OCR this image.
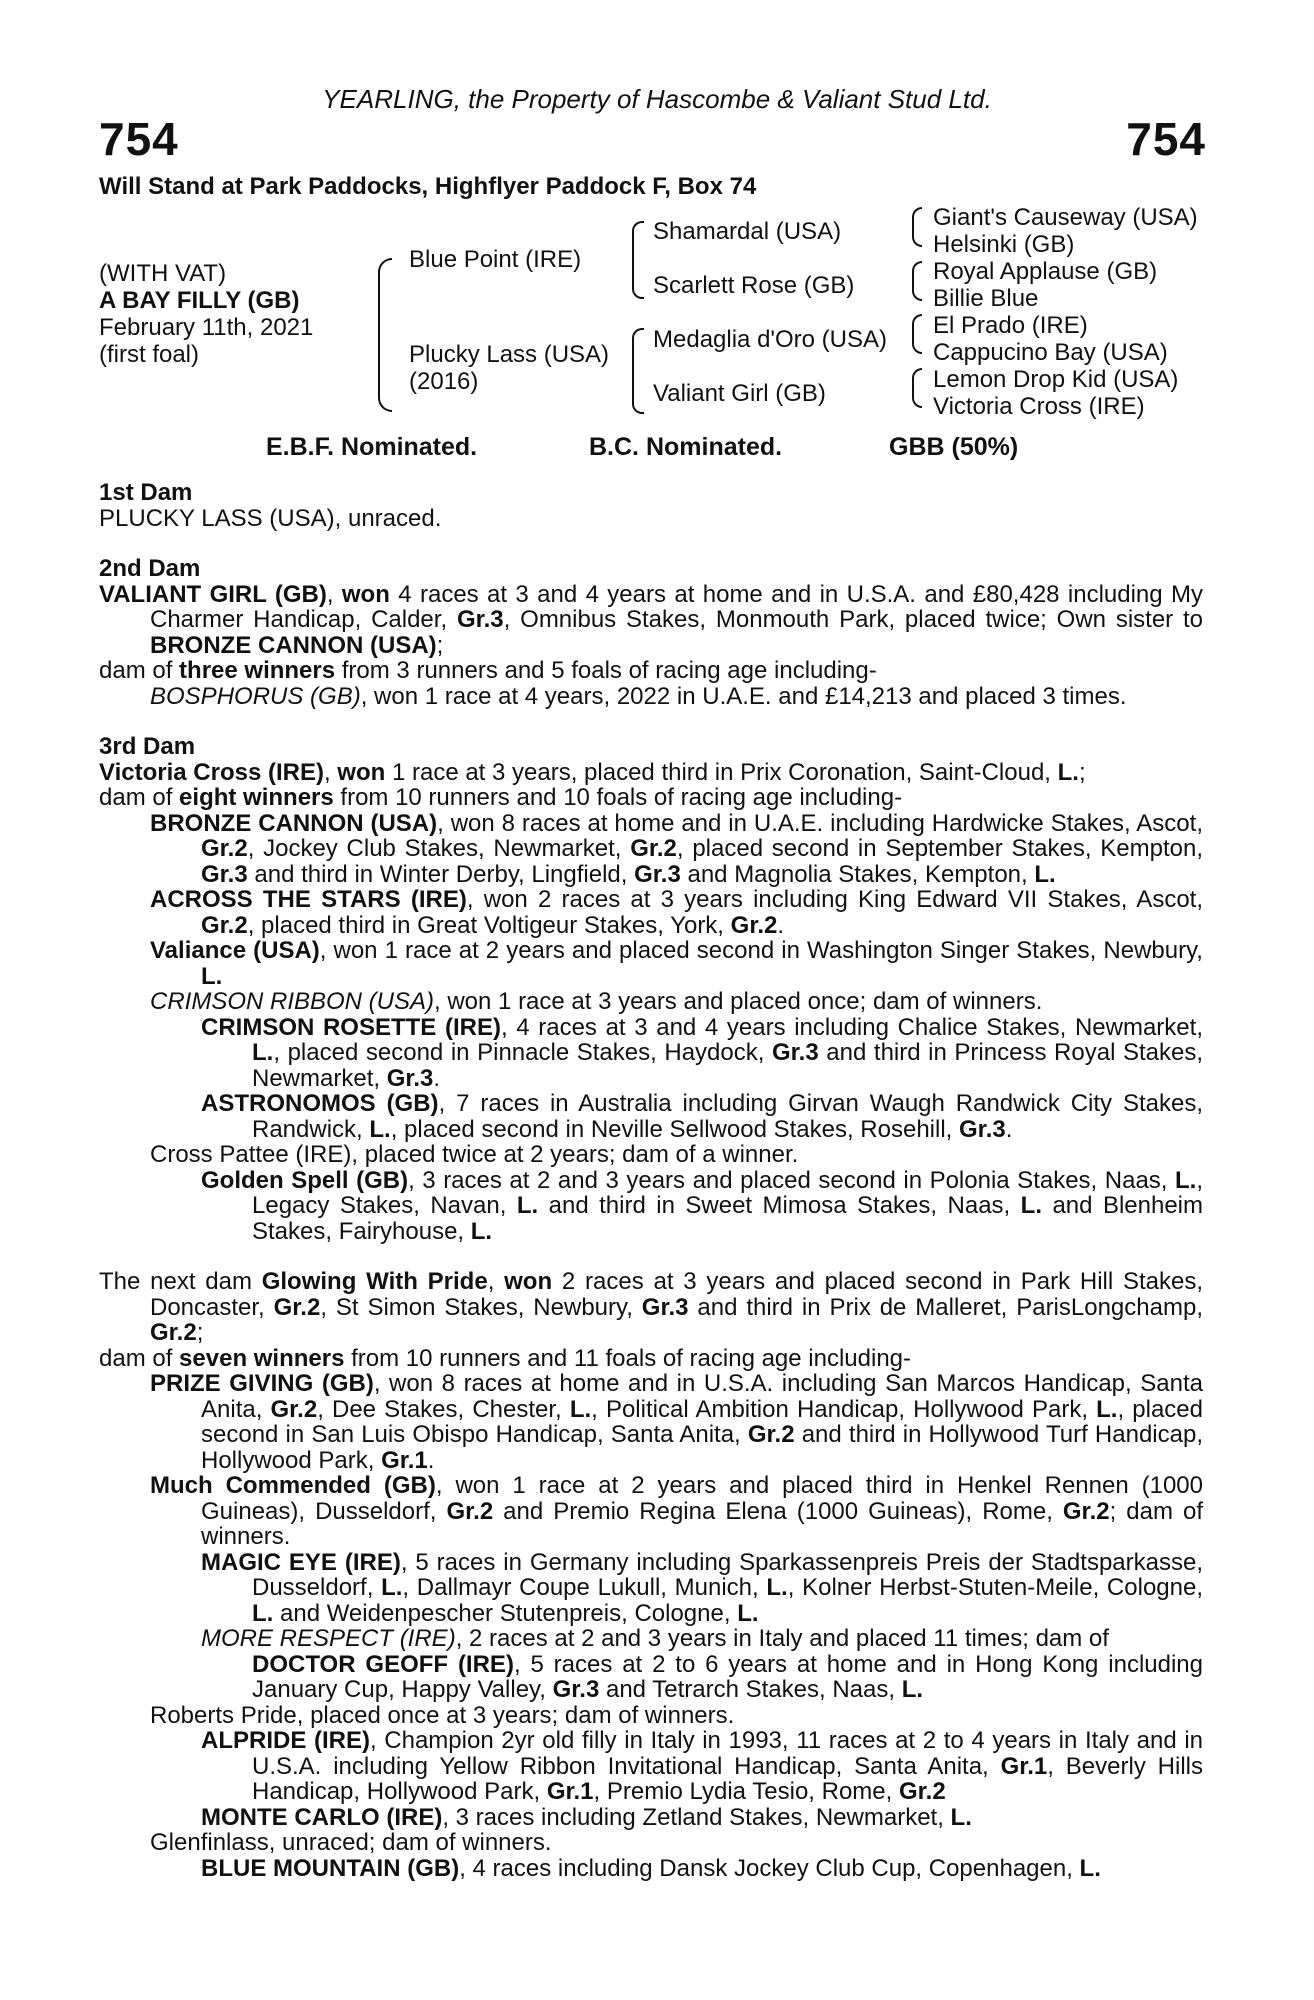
YEARLING, the Property of Hascombe & Valiant Stud Ltd.
754	754
Will Stand at Park Paddocks, Highflyer Paddock F, Box 74
(WITH VAT)
A BAY FILLY (GB)
February 11th, 2021
(first foal)
Blue Point (IRE)
Plucky Lass (USA)
(2016)
Shamardal (USA)
Scarlett Rose (GB)
Medaglia d'Oro (USA)
Valiant Girl (GB)
Giant's Causeway (USA)
Helsinki (GB)
Royal Applause (GB)
Billie Blue
El Prado (IRE)
Cappucino Bay (USA)
Lemon Drop Kid (USA)
Victoria Cross (IRE)
E.B.F. Nominated.	B.C. Nominated.	GBB (50%)

1st Dam

PLUCKY LASS (USA), unraced.

2nd Dam

VALIANT GIRL (GB), won 4 races at 3 and 4 years at home and in U.S.A. and £80,428 including My Charmer Handicap, Calder, Gr.3, Omnibus Stakes, Monmouth Park, placed twice; Own sister to BRONZE CANNON (USA);

dam of three winners from 3 runners and 5 foals of racing age including-

BOSPHORUS (GB), won 1 race at 4 years, 2022 in U.A.E. and £14,213 and placed 3 times.

3rd Dam

Victoria Cross (IRE), won 1 race at 3 years, placed third in Prix Coronation, Saint-Cloud, L.;

dam of eight winners from 10 runners and 10 foals of racing age including-

BRONZE CANNON (USA), won 8 races at home and in U.A.E. including Hardwicke Stakes, Ascot, Gr.2, Jockey Club Stakes, Newmarket, Gr.2, placed second in September Stakes, Kempton, Gr.3 and third in Winter Derby, Lingfield, Gr.3 and Magnolia Stakes, Kempton, L.

ACROSS THE STARS (IRE), won 2 races at 3 years including King Edward VII Stakes, Ascot, Gr.2, placed third in Great Voltigeur Stakes, York, Gr.2.

Valiance (USA), won 1 race at 2 years and placed second in Washington Singer Stakes, Newbury, L.

CRIMSON RIBBON (USA), won 1 race at 3 years and placed once; dam of winners.

CRIMSON ROSETTE (IRE), 4 races at 3 and 4 years including Chalice Stakes, Newmarket, L., placed second in Pinnacle Stakes, Haydock, Gr.3 and third in Princess Royal Stakes, Newmarket, Gr.3.

ASTRONOMOS (GB), 7 races in Australia including Girvan Waugh Randwick City Stakes, Randwick, L., placed second in Neville Sellwood Stakes, Rosehill, Gr.3.

Cross Pattee (IRE), placed twice at 2 years; dam of a winner.

Golden Spell (GB), 3 races at 2 and 3 years and placed second in Polonia Stakes, Naas, L., Legacy Stakes, Navan, L. and third in Sweet Mimosa Stakes, Naas, L. and Blenheim Stakes, Fairyhouse, L.

The next dam Glowing With Pride, won 2 races at 3 years and placed second in Park Hill Stakes, Doncaster, Gr.2, St Simon Stakes, Newbury, Gr.3 and third in Prix de Malleret, ParisLongchamp, Gr.2;

dam of seven winners from 10 runners and 11 foals of racing age including-

PRIZE GIVING (GB), won 8 races at home and in U.S.A. including San Marcos Handicap, Santa Anita, Gr.2, Dee Stakes, Chester, L., Political Ambition Handicap, Hollywood Park, L., placed second in San Luis Obispo Handicap, Santa Anita, Gr.2 and third in Hollywood Turf Handicap, Hollywood Park, Gr.1.

Much Commended (GB), won 1 race at 2 years and placed third in Henkel Rennen (1000 Guineas), Dusseldorf, Gr.2 and Premio Regina Elena (1000 Guineas), Rome, Gr.2; dam of winners.

MAGIC EYE (IRE), 5 races in Germany including Sparkassenpreis Preis der Stadtsparkasse, Dusseldorf, L., Dallmayr Coupe Lukull, Munich, L., Kolner Herbst-Stuten-Meile, Cologne, L. and Weidenpescher Stutenpreis, Cologne, L.

MORE RESPECT (IRE), 2 races at 2 and 3 years in Italy and placed 11 times; dam of
DOCTOR GEOFF (IRE), 5 races at 2 to 6 years at home and in Hong Kong including January Cup, Happy Valley, Gr.3 and Tetrarch Stakes, Naas, L.

Roberts Pride, placed once at 3 years; dam of winners.

ALPRIDE (IRE), Champion 2yr old filly in Italy in 1993, 11 races at 2 to 4 years in Italy and in U.S.A. including Yellow Ribbon Invitational Handicap, Santa Anita, Gr.1, Beverly Hills Handicap, Hollywood Park, Gr.1, Premio Lydia Tesio, Rome, Gr.2

MONTE CARLO (IRE), 3 races including Zetland Stakes, Newmarket, L.

Glenfinlass, unraced; dam of winners.

BLUE MOUNTAIN (GB), 4 races including Dansk Jockey Club Cup, Copenhagen, L.
